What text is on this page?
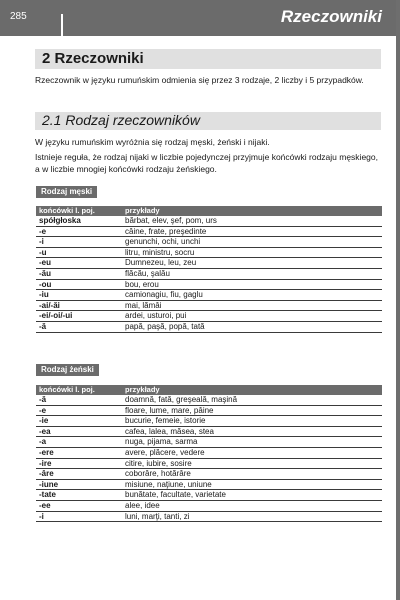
285	Rzeczowniki
2 Rzeczowniki
Rzeczownik w języku rumuńskim odmienia się przez 3 rodzaje, 2 liczby i 5 przypadków.
2.1 Rodzaj rzeczowników
W języku rumuńskim wyróżnia się rodzaj męski, żeński i nijaki.
Istnieje reguła, że rodzaj nijaki w liczbie pojedynczej przyjmuje końcówki rodzaju męskiego, a w liczbie mnogiej końcówki rodzaju żeńskiego.
Rodzaj męski
końcówki l. poj.	przykłady
spółgłoska	bărbat, elev, şef, pom, urs
-e	câine, frate, preşedinte
-i	genunchi, ochi, unchi
-u	litru, ministru, socru
-eu	Dumnezeu, leu, zeu
-ău	flăcău, şalău
-ou	bou, erou
-iu	camionagiu, fiu, gaglu
-ai/-ăi	mai, lămâi
-ei/-oi/-ui	ardei, usturoi, pui
-ă	papă, paşă, popă, tată
Rodzaj żeński
końcówki l. poj.	przykłady
-ă	doamnă, fată, greşeală, maşină
-e	floare, lume, mare, pâine
-ie	bucurie, femeie, istorie
-ea	cafea, lalea, măsea, stea
-a	nuga, pijama, sarma
-ere	avere, plăcere, vedere
-ire	citire, iubire, sosire
-âre	coborâre, hotărâre
-iune	misiune, naţiune, uniune
-tate	bunătate, facultate, varietate
-ee	alee, idee
-i	luni, marţi, tanti, zi
